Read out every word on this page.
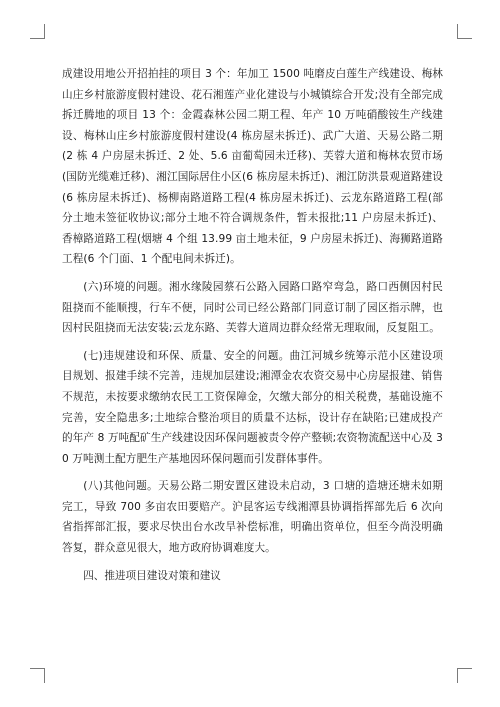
成建设用地公开招拍挂的项目 3 个：年加工 1500 吨磨皮白莲生产线建设、梅林山庄乡村旅游度假村建设、花石湘莲产业化建设与小城镇综合开发;没有全部完成拆迁腾地的项目 13 个：金霞森林公园二期工程、年产 10 万吨硝酸铵生产线建设、梅林山庄乡村旅游度假村建设(4 栋房屋未拆迁)、武广大道、天易公路二期(2 栋 4 户房屋未拆迁、2 处、5.6 亩葡萄园未迁移)、芙蓉大道和梅林农贸市场(国防光缆难迁移)、湘江国际居住小区(6 栋房屋未拆迁)、湘江防洪景观道路建设(6 栋房屋未拆迁)、杨柳南路道路工程(4 栋房屋未拆迁)、云龙东路道路工程(部分土地未签征收协议;部分土地不符合调规条件，暂未报批;11 户房屋未拆迁)、香樟路道路工程(烟塘 4 个组 13.99 亩土地未征，9 户房屋未拆迁)、海狮路道路工程(6 个门面、1 个配电间未拆迁)。

(六)环境的问题。湘水缘陵园蔡石公路入园路口路窄弯急，路口西侧因村民阻挠而不能顺搜，行车不便，同时公司已经公路部门同意订制了园区指示牌，也因村民阻挠而无法安装;云龙东路、芙蓉大道周边群众经常无理取闹，反复阻工。

(七)违规建设和环保、质量、安全的问题。曲江河城乡统筹示范小区建设项目规划、报建手续不完善，违规加层建设;湘潭金农农资交易中心房屋报建、销售不规范，未按要求缴纳农民工工资保障金，欠缴大部分的相关税费，基础设施不完善，安全隐患多;土地综合整治项目的质量不达标，设计存在缺陷;已建成投产的年产 8 万吨配矿生产线建设因环保问题被责令停产整顿;农资物流配送中心及 30 万吨测土配方肥生产基地因环保问题而引发群体事件。

(八)其他问题。天易公路二期安置区建设未启动，3 口塘的造塘还塘未如期完工，导致 700 多亩农田要赔产。沪昆客运专线湘潭县协调指挥部先后 6 次向省指挥部汇报，要求尽快出台水改旱补偿标准，明确出资单位，但至今尚没明确答复，群众意见很大，地方政府协调难度大。

四、推进项目建设对策和建议
